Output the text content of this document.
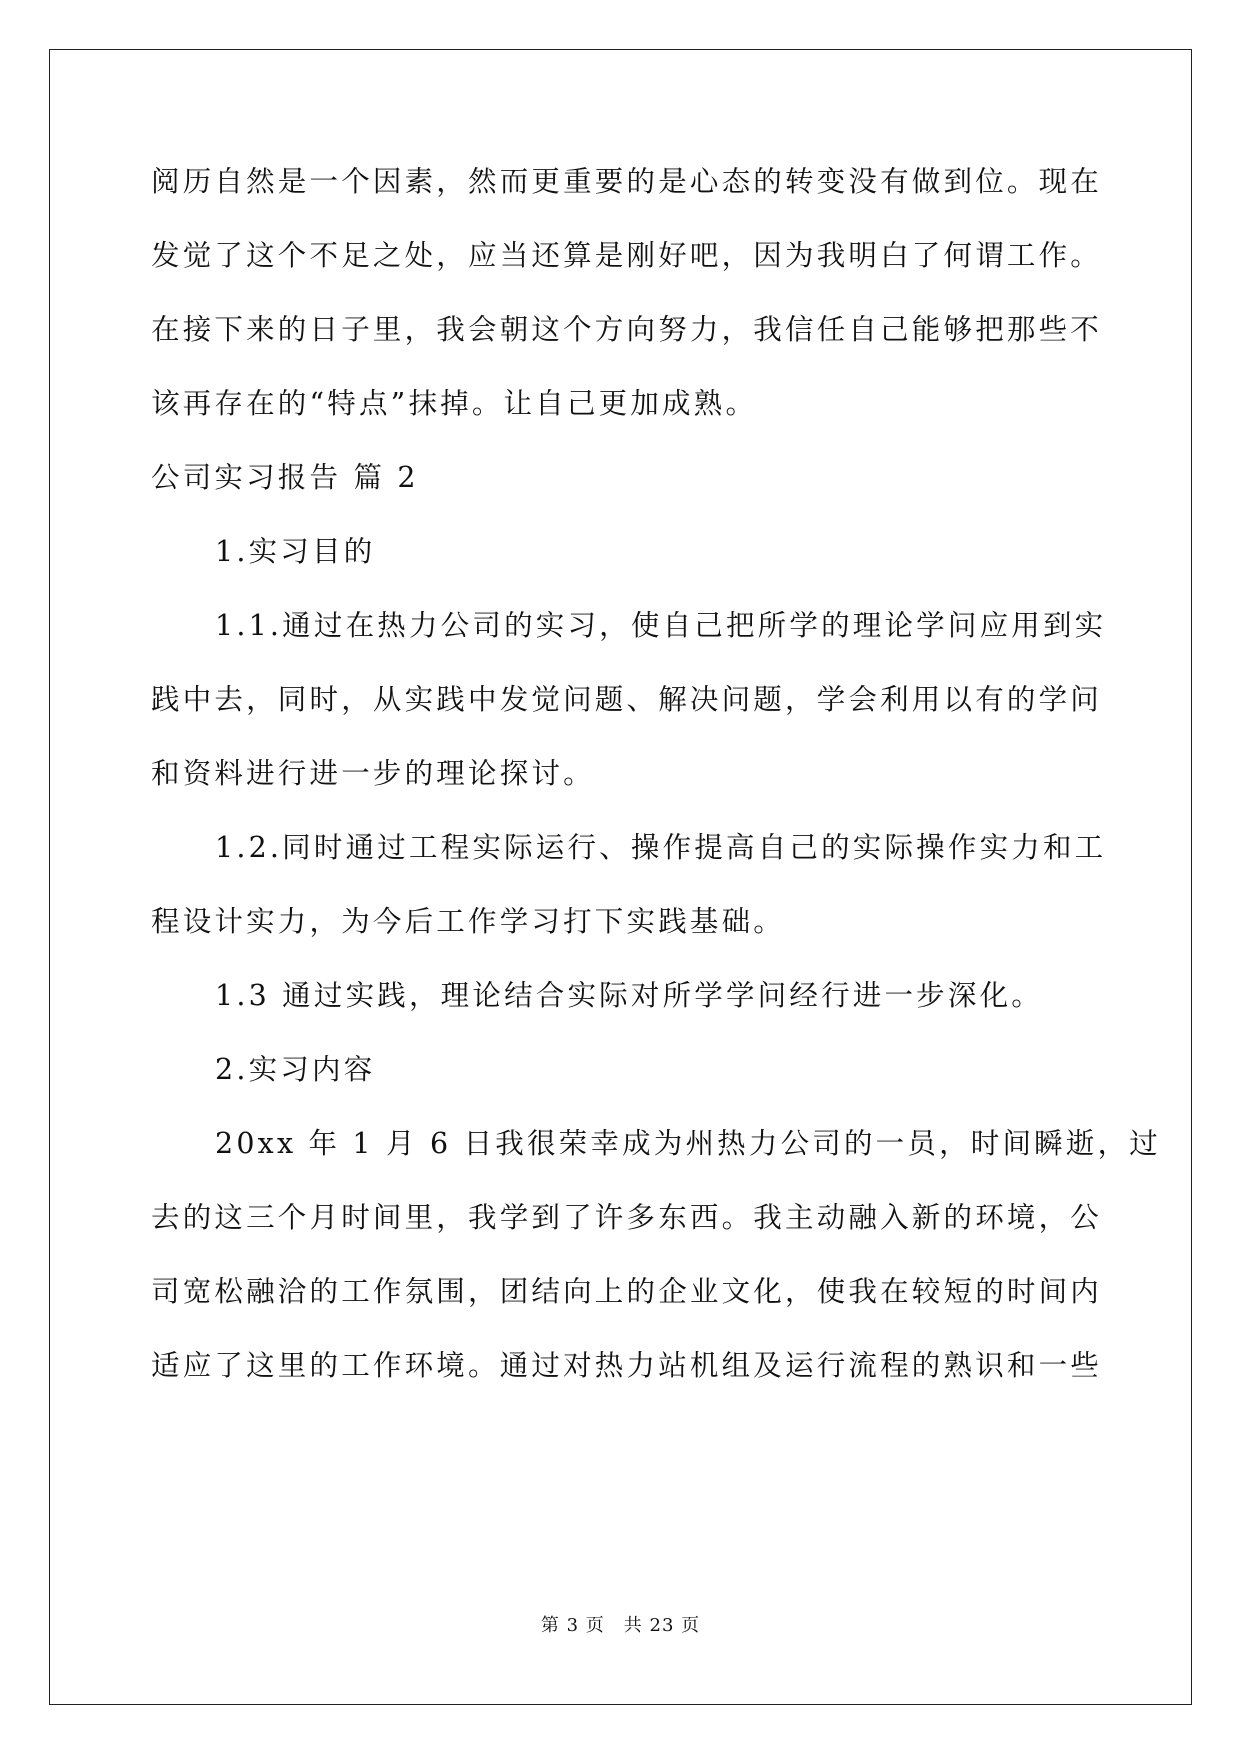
阅历自然是一个因素，然而更重要的是心态的转变没有做到位。现在
发觉了这个不足之处，应当还算是刚好吧，因为我明白了何谓工作。
在接下来的日子里，我会朝这个方向努力，我信任自己能够把那些不
该再存在的“特点”抹掉。让自己更加成熟。
公司实习报告 篇 2
1.实习目的
1.1.通过在热力公司的实习，使自己把所学的理论学问应用到实
践中去，同时，从实践中发觉问题、解决问题，学会利用以有的学问
和资料进行进一步的理论探讨。
1.2.同时通过工程实际运行、操作提高自己的实际操作实力和工
程设计实力，为今后工作学习打下实践基础。
1.3 通过实践，理论结合实际对所学学问经行进一步深化。
2.实习内容
20xx 年 1 月 6 日我很荣幸成为州热力公司的一员，时间瞬逝，过
去的这三个月时间里，我学到了许多东西。我主动融入新的环境，公
司宽松融洽的工作氛围，团结向上的企业文化，使我在较短的时间内
适应了这里的工作环境。通过对热力站机组及运行流程的熟识和一些
第 3 页　共 23 页
